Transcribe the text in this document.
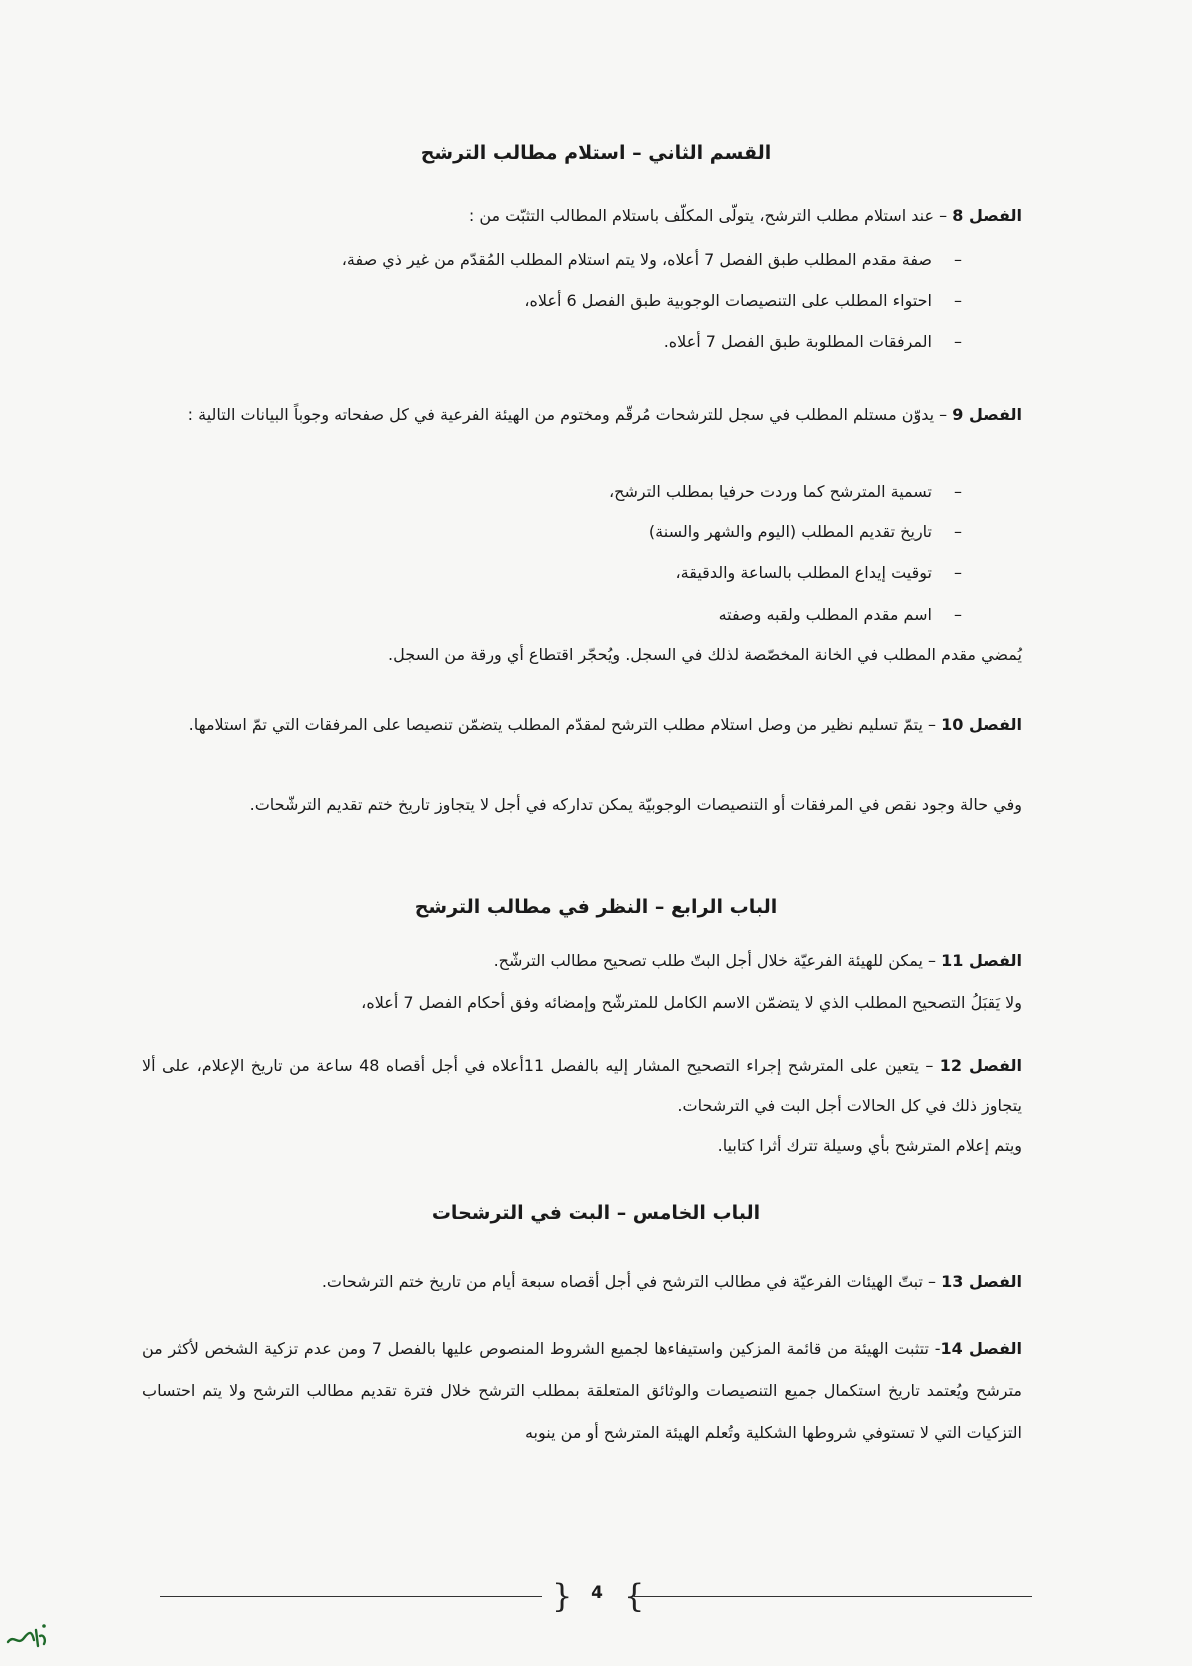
القسم الثاني – استلام مطالب الترشح
الفصل 8 – عند استلام مطلب الترشح، يتولّى المكلّف باستلام المطالب التثبّت من :
–صفة مقدم المطلب طبق الفصل 7 أعلاه، ولا يتم استلام المطلب المُقدّم من غير ذي صفة،
–احتواء المطلب على التنصيصات الوجوبية طبق الفصل 6 أعلاه،
–المرفقات المطلوبة طبق الفصل 7 أعلاه.
الفصل 9 – يدوّن مستلم المطلب في سجل للترشحات مُرقّم ومختوم من الهيئة الفرعية في كل صفحاته وجوباً البيانات التالية :
–تسمية المترشح كما وردت حرفيا بمطلب الترشح،
–تاريخ تقديم المطلب (اليوم والشهر والسنة)
–توقيت إيداع المطلب بالساعة والدقيقة،
–اسم مقدم المطلب ولقبه وصفته
يُمضي مقدم المطلب في الخانة المخصّصة لذلك في السجل. ويُحجّر اقتطاع أي ورقة من السجل.
الفصل 10 – يتمّ تسليم نظير من وصل استلام مطلب الترشح لمقدّم المطلب يتضمّن تنصيصا على المرفقات التي تمّ استلامها.
وفي حالة وجود نقص في المرفقات أو التنصيصات الوجوبيّة يمكن تداركه في أجل لا يتجاوز تاريخ ختم تقديم الترشّحات.
الباب الرابع – النظر في مطالب الترشح
الفصل 11 – يمكن للهيئة الفرعيّة خلال أجل البتّ طلب تصحيح مطالب الترشّح.
ولا يَقبَلُ التصحيح المطلب الذي لا يتضمّن الاسم الكامل للمترشّح وإمضائه وفق أحكام الفصل 7 أعلاه،
الفصل 12 – يتعين على المترشح إجراء التصحيح المشار إليه بالفصل 11أعلاه في أجل أقصاه 48 ساعة من تاريخ الإعلام، على ألا يتجاوز ذلك في كل الحالات أجل البت في الترشحات.
ويتم إعلام المترشح بأي وسيلة تترك أثرا كتابيا.
الباب الخامس – البت في الترشحات
الفصل 13 – تبتّ الهيئات الفرعيّة في مطالب الترشح في أجل أقصاه سبعة أيام من تاريخ ختم الترشحات.
الفصل 14- تتثبت الهيئة من قائمة المزكين واستيفاءها لجميع الشروط المنصوص عليها بالفصل 7 ومن عدم تزكية الشخص لأكثر من مترشح ويُعتمد تاريخ استكمال جميع التنصيصات والوثائق المتعلقة بمطلب الترشح خلال فترة تقديم مطالب الترشح ولا يتم احتساب التزكيات التي لا تستوفي شروطها الشكلية وتُعلم الهيئة المترشح أو من ينوبه
{	4 }
